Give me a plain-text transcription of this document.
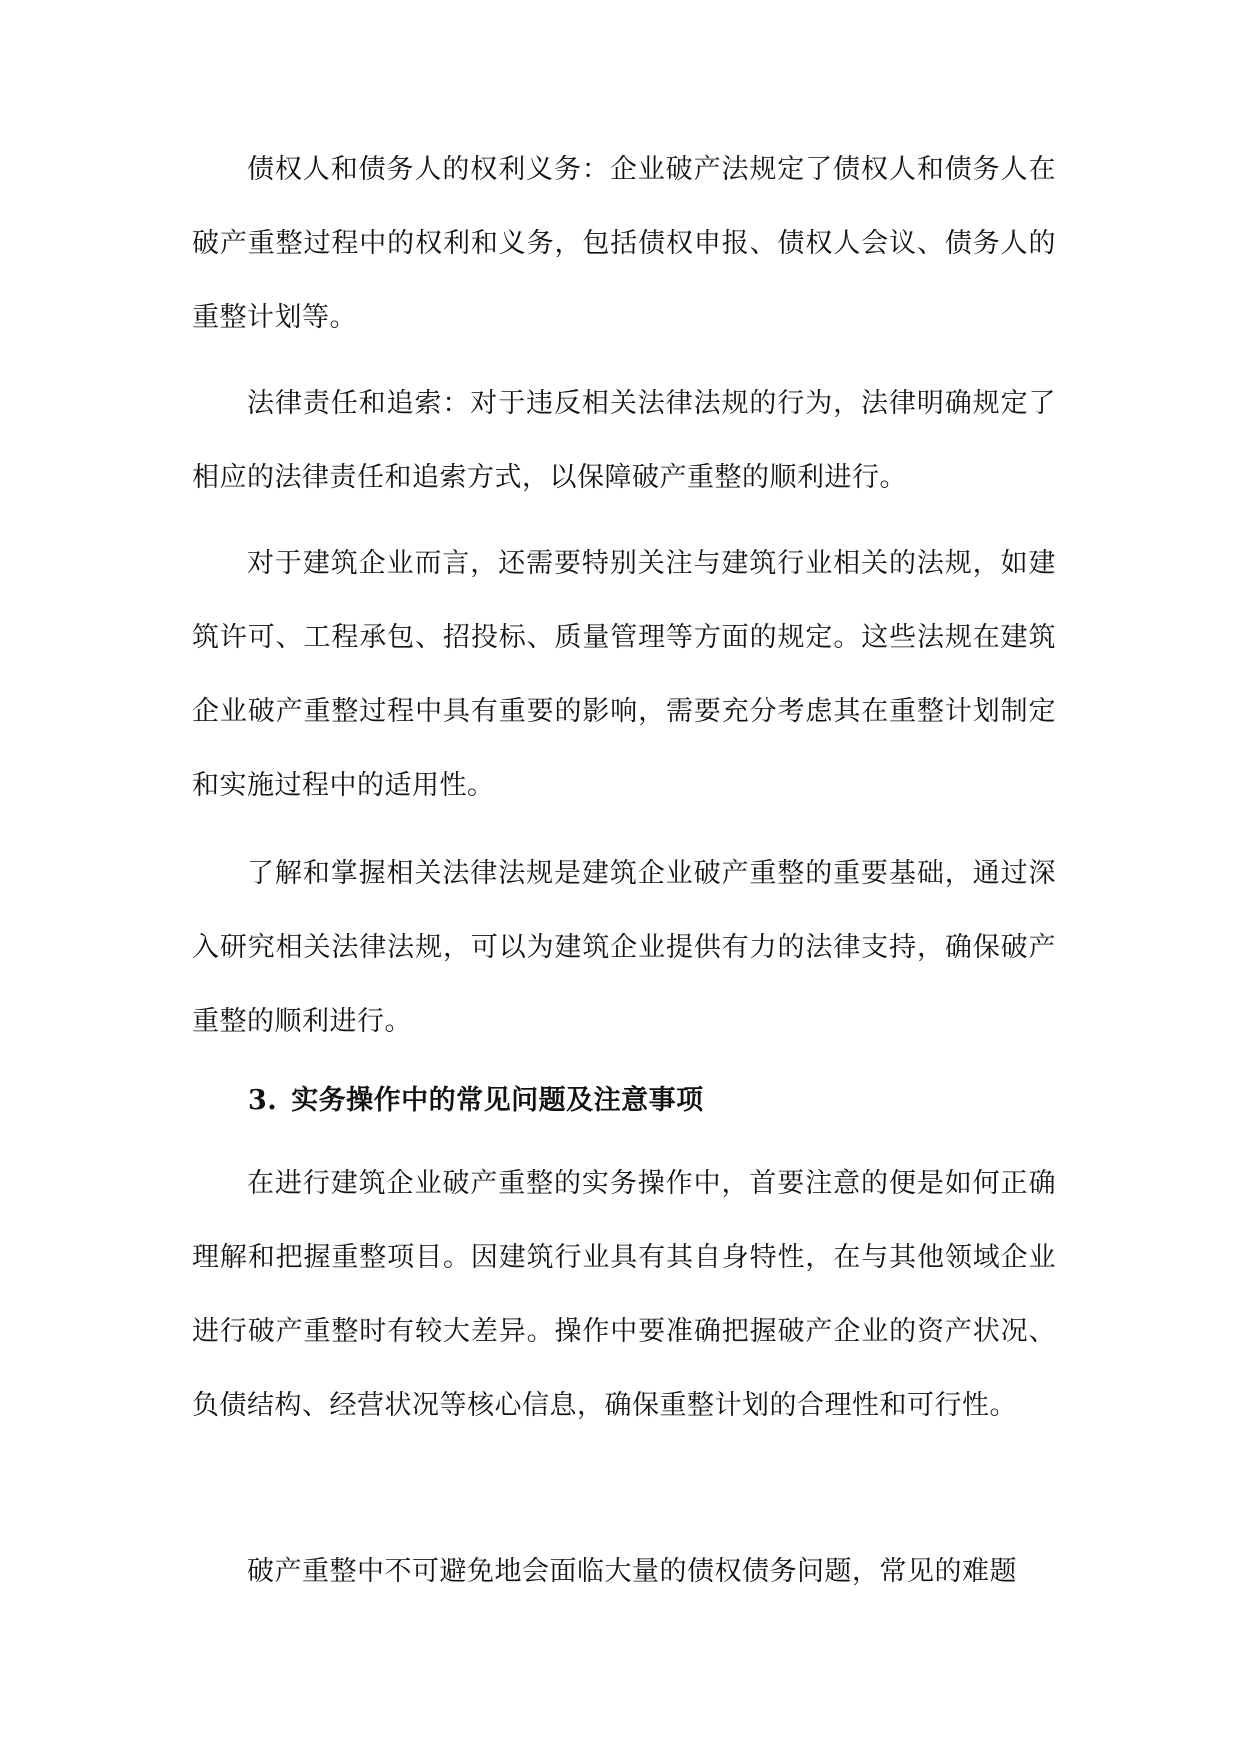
债权人和债务人的权利义务：企业破产法规定了债权人和债务人在破产重整过程中的权利和义务，包括债权申报、债权人会议、债务人的重整计划等。

法律责任和追索：对于违反相关法律法规的行为，法律明确规定了相应的法律责任和追索方式，以保障破产重整的顺利进行。

对于建筑企业而言，还需要特别关注与建筑行业相关的法规，如建筑许可、工程承包、招投标、质量管理等方面的规定。这些法规在建筑企业破产重整过程中具有重要的影响，需要充分考虑其在重整计划制定和实施过程中的适用性。

了解和掌握相关法律法规是建筑企业破产重整的重要基础，通过深入研究相关法律法规，可以为建筑企业提供有力的法律支持，确保破产重整的顺利进行。

3. 实务操作中的常见问题及注意事项

在进行建筑企业破产重整的实务操作中，首要注意的便是如何正确理解和把握重整项目。因建筑行业具有其自身特性，在与其他领域企业进行破产重整时有较大差异。操作中要准确把握破产企业的资产状况、负债结构、经营状况等核心信息，确保重整计划的合理性和可行性。

破产重整中不可避免地会面临大量的债权债务问题，常见的难题
